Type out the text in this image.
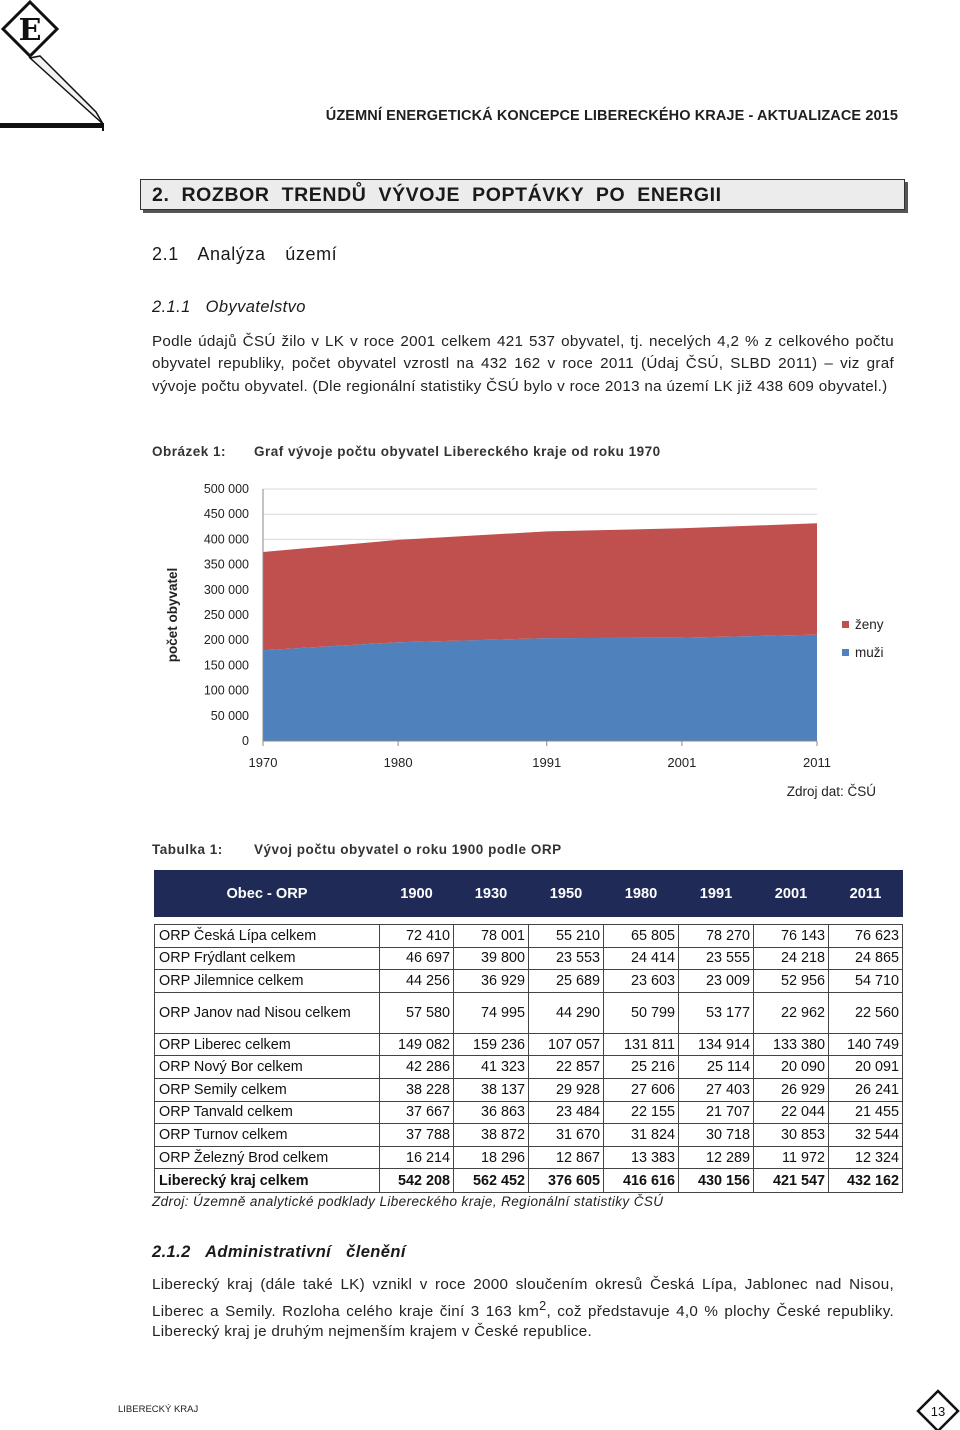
E
ÚZEMNÍ ENERGETICKÁ KONCEPCE LIBERECKÉHO KRAJE - AKTUALIZACE 2015
2. ROZBOR TRENDŮ VÝVOJE POPTÁVKY PO ENERGII
2.1 Analýza území
2.1.1 Obyvatelstvo
Podle údajů ČSÚ žilo v LK v roce 2001 celkem 421 537 obyvatel, tj. necelých 4,2 % z celkového počtu obyvatel republiky, počet obyvatel vzrostl na 432 162 v roce 2011 (Údaj ČSÚ, SLBD 2011) – viz graf vývoje počtu obyvatel. (Dle regionální statistiky ČSÚ bylo v roce 2013 na území LK již 438 609 obyvatel.)
Obrázek 1: Graf vývoje počtu obyvatel Libereckého kraje od roku 1970
0
50 000
100 000
150 000
200 000
250 000
300 000
350 000
400 000
450 000
500 000
1970	1980	1991	2001	2011
počet obyvatel	ženy
muži
Zdroj dat: ČSÚ
Tabulka 1: Vývoj počtu obyvatel o roku 1900 podle ORP
Obec - ORP	1900	1930	1950	1980	1991	2001	2011

ORP Česká Lípa celkem	72 410	78 001	55 210	65 805	78 270	76 143	76 623
ORP Frýdlant celkem	46 697	39 800	23 553	24 414	23 555	24 218	24 865
ORP Jilemnice celkem	44 256	36 929	25 689	23 603	23 009	52 956	54 710
ORP Janov nad Nisou celkem	57 580	74 995	44 290	50 799	53 177	22 962	22 560
ORP Liberec celkem	149 082	159 236	107 057	131 811	134 914	133 380	140 749
ORP Nový Bor celkem	42 286	41 323	22 857	25 216	25 114	20 090	20 091
ORP Semily celkem	38 228	38 137	29 928	27 606	27 403	26 929	26 241
ORP Tanvald celkem	37 667	36 863	23 484	22 155	21 707	22 044	21 455
ORP Turnov celkem	37 788	38 872	31 670	31 824	30 718	30 853	32 544
ORP Železný Brod celkem	16 214	18 296	12 867	13 383	12 289	11 972	12 324
Liberecký kraj celkem	542 208	562 452	376 605	416 616	430 156	421 547	432 162
Zdroj: Územně analytické podklady Libereckého kraje, Regionální statistiky ČSÚ
2.1.2 Administrativní členění
Liberecký kraj (dále také LK) vznikl v roce 2000 sloučením okresů Česká Lípa, Jablonec nad Nisou, Liberec a Semily. Rozloha celého kraje činí 3 163 $km^2$, což představuje 4,0 % plochy České republiky. Liberecký kraj je druhým nejmenším krajem v České republice.
LIBERECKÝ KRAJ	13
